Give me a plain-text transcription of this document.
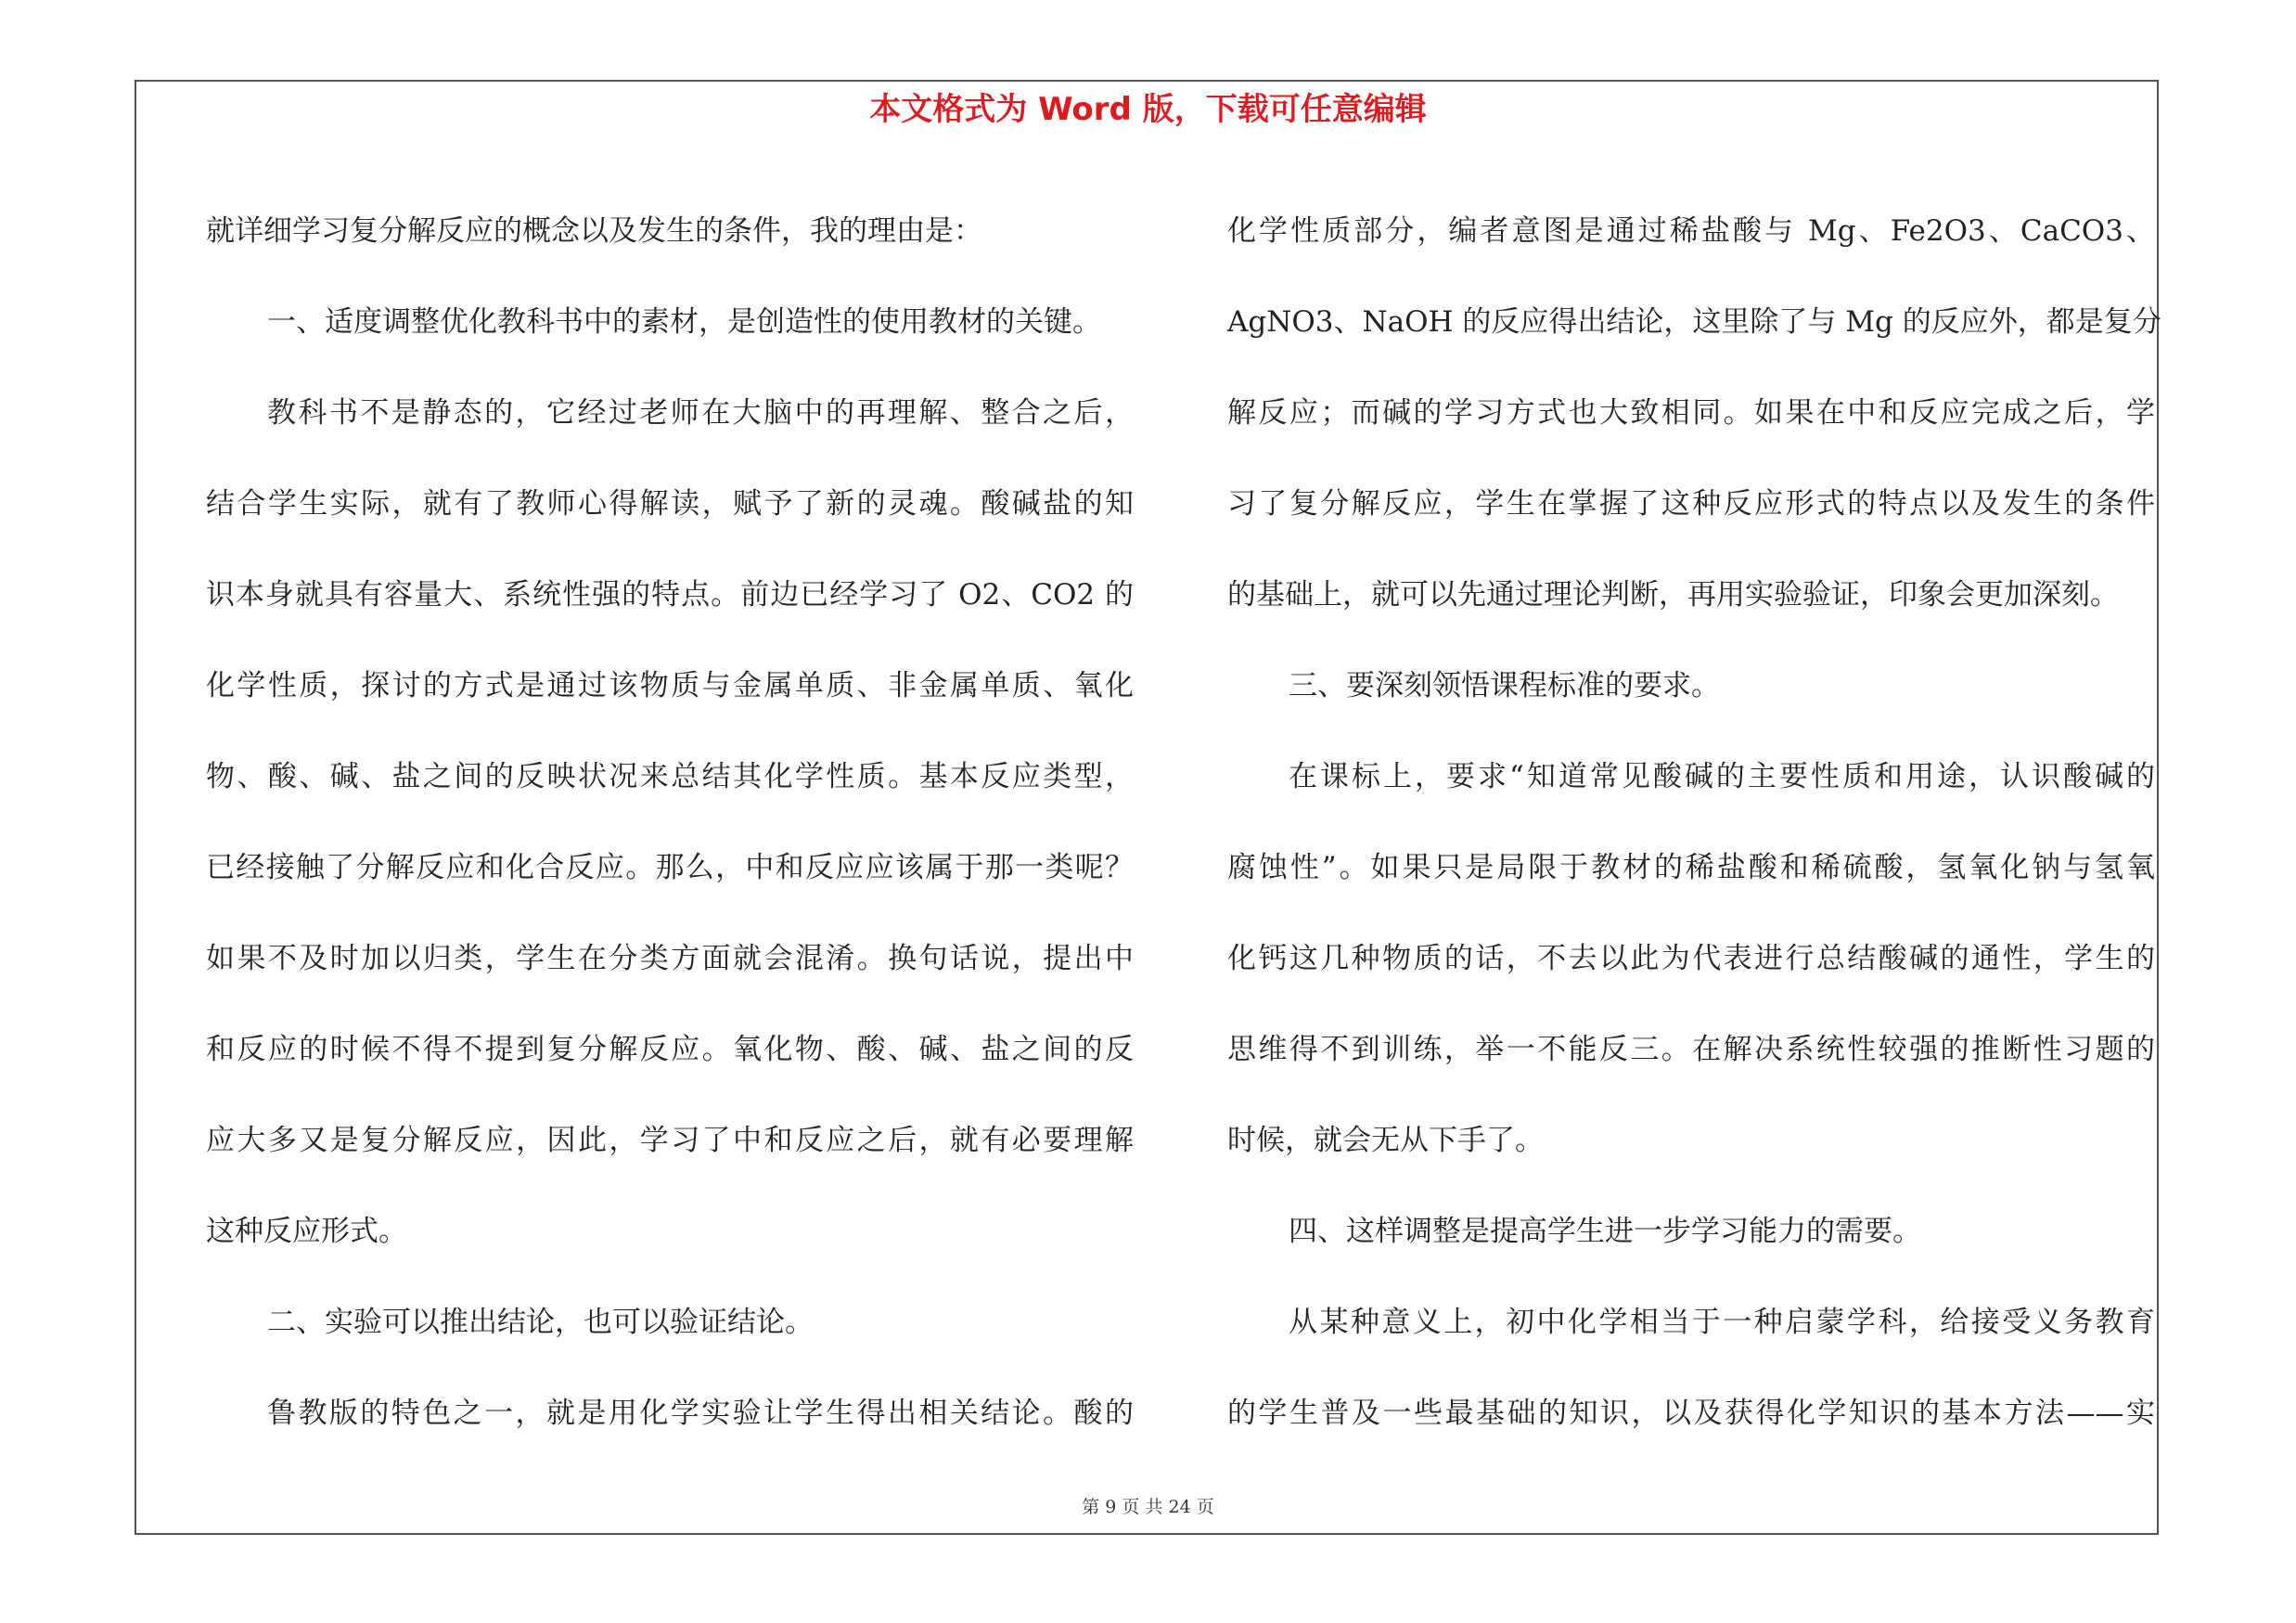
本文格式为 Word 版，下载可任意编辑
就详细学习复分解反应的概念以及发生的条件，我的理由是：
一、适度调整优化教科书中的素材，是创造性的使用教材的关键。
教科书不是静态的，它经过老师在大脑中的再理解、整合之后，
结合学生实际，就有了教师心得解读，赋予了新的灵魂。酸碱盐的知
识本身就具有容量大、系统性强的特点。前边已经学习了 O2、CO2 的
化学性质，探讨的方式是通过该物质与金属单质、非金属单质、氧化
物、酸、碱、盐之间的反映状况来总结其化学性质。基本反应类型，
已经接触了分解反应和化合反应。那么，中和反应应该属于那一类呢？
如果不及时加以归类，学生在分类方面就会混淆。换句话说，提出中
和反应的时候不得不提到复分解反应。氧化物、酸、碱、盐之间的反
应大多又是复分解反应，因此，学习了中和反应之后，就有必要理解
这种反应形式。
二、实验可以推出结论，也可以验证结论。
鲁教版的特色之一，就是用化学实验让学生得出相关结论。酸的
化学性质部分，编者意图是通过稀盐酸与 Mg、Fe2O3、CaCO3、
AgNO3、NaOH 的反应得出结论，这里除了与 Mg 的反应外，都是复分
解反应；而碱的学习方式也大致相同。如果在中和反应完成之后，学
习了复分解反应，学生在掌握了这种反应形式的特点以及发生的条件
的基础上，就可以先通过理论判断，再用实验验证，印象会更加深刻。
三、要深刻领悟课程标准的要求。
在课标上，要求“知道常见酸碱的主要性质和用途，认识酸碱的
腐蚀性”。如果只是局限于教材的稀盐酸和稀硫酸，氢氧化钠与氢氧
化钙这几种物质的话，不去以此为代表进行总结酸碱的通性，学生的
思维得不到训练，举一不能反三。在解决系统性较强的推断性习题的
时候，就会无从下手了。
四、这样调整是提高学生进一步学习能力的需要。
从某种意义上，初中化学相当于一种启蒙学科，给接受义务教育
的学生普及一些最基础的知识，以及获得化学知识的基本方法——实
第 9 页 共 24 页
